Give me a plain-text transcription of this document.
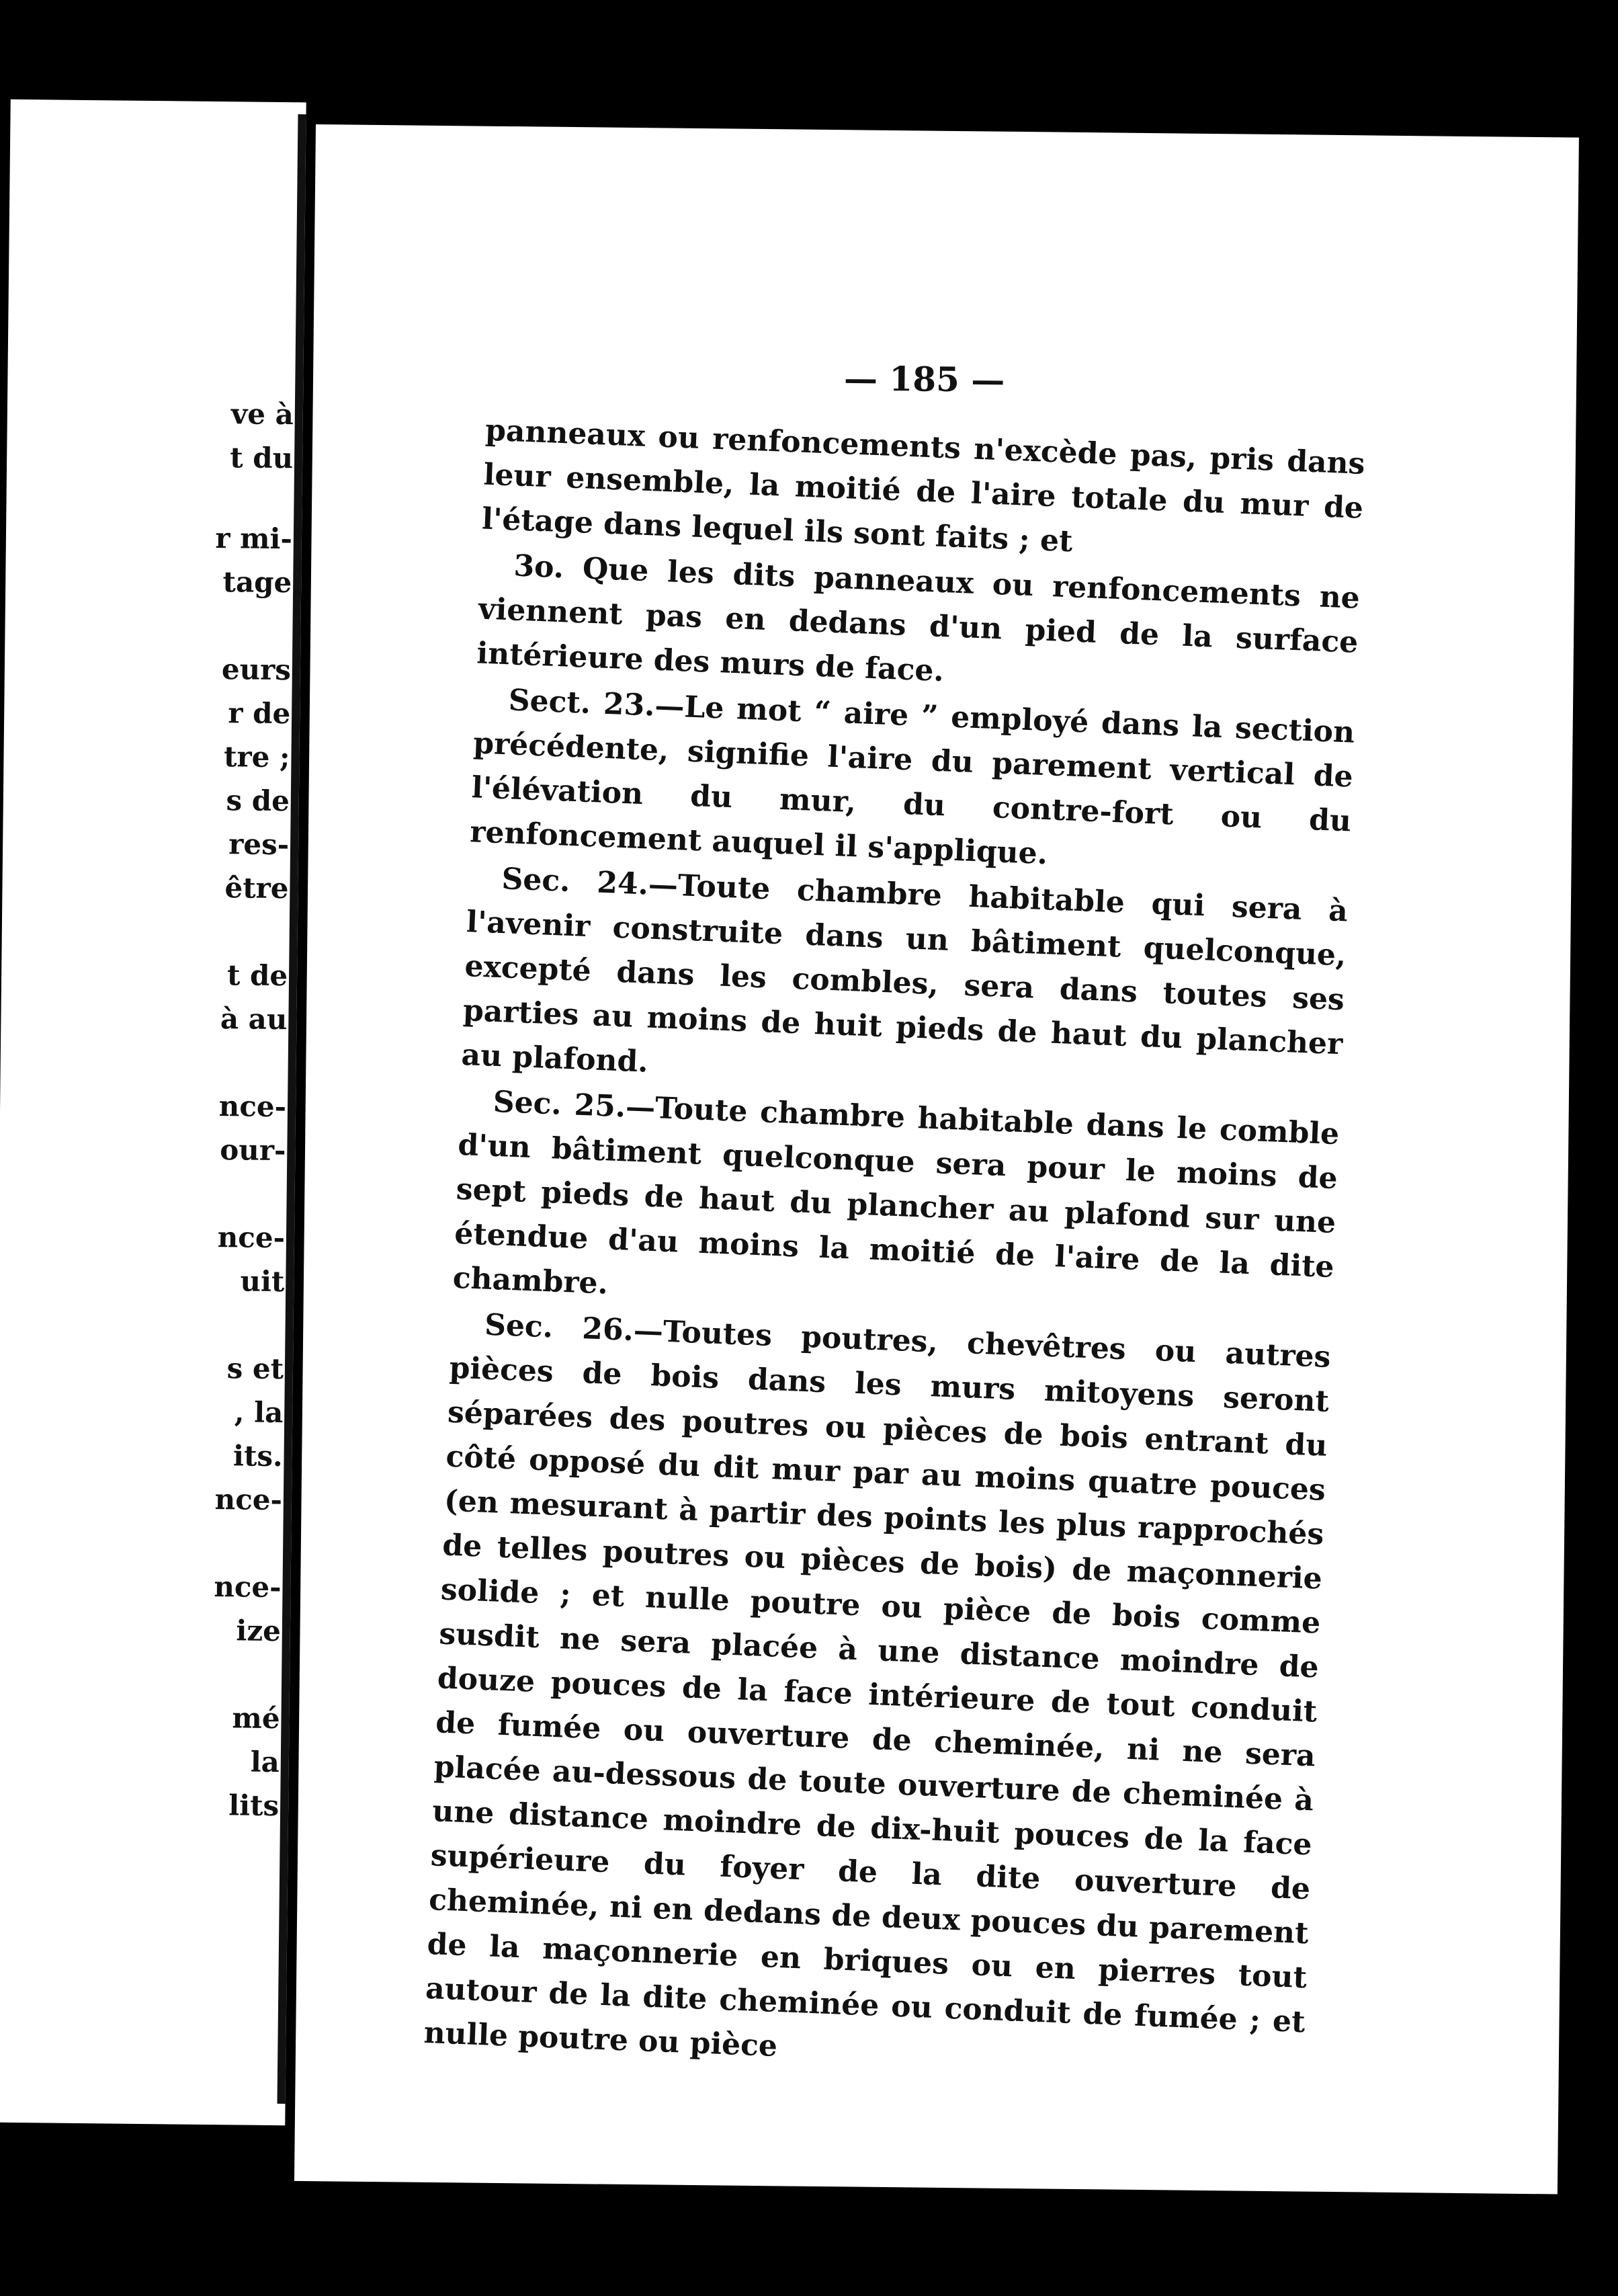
ve à
t du
r mi-
tage
eurs
r de
tre ;
s de
res-
être
t de
à au
nce-
our-
nce-
uit
s et
, la
its.
nce-
nce-
ize
mé
la
lits
— 185 —

panneaux ou renfoncements n'excède pas, pris dans leur ensemble, la moitié de l'aire totale du mur de l'étage dans lequel ils sont faits ; et

3o. Que les dits panneaux ou renfoncements ne viennent pas en dedans d'un pied de la surface intérieure des murs de face.

Sect. 23.—Le mot “ aire ” employé dans la section précédente, signifie l'aire du parement vertical de l'élévation du mur, du contre-fort ou du renfoncement auquel il s'applique.

Sec. 24.—Toute chambre habitable qui sera à l'avenir construite dans un bâtiment quelconque, excepté dans les combles, sera dans toutes ses parties au moins de huit pieds de haut du plancher au plafond.

Sec. 25.—Toute chambre habitable dans le comble d'un bâtiment quelconque sera pour le moins de sept pieds de haut du plancher au plafond sur une étendue d'au moins la moitié de l'aire de la dite chambre.

Sec. 26.—Toutes poutres, chevêtres ou autres pièces de bois dans les murs mitoyens seront séparées des poutres ou pièces de bois entrant du côté opposé du dit mur par au moins quatre pouces (en mesurant à partir des points les plus rapprochés de telles poutres ou pièces de bois) de maçonnerie solide ; et nulle poutre ou pièce de bois comme susdit ne sera placée à une distance moindre de douze pouces de la face intérieure de tout conduit de fumée ou ouverture de cheminée, ni ne sera placée au-dessous de toute ouverture de cheminée à une distance moindre de dix-huit pouces de la face supérieure du foyer de la dite ouverture de cheminée, ni en dedans de deux pouces du parement de la maçonnerie en briques ou en pierres tout autour de la dite cheminée ou conduit de fumée ; et nulle poutre ou pièce
